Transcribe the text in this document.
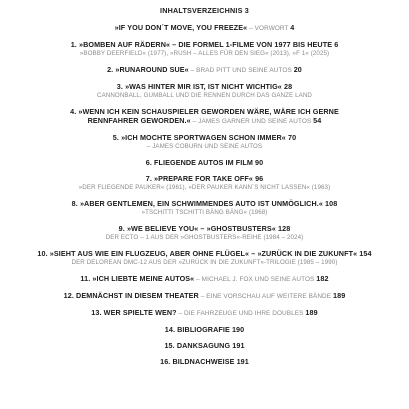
INHALTSVERZEICHNIS 3
»IF YOU DON´T MOVE, YOU FREEZE« – VORWORT 4
1. »BOMBEN AUF RÄDERN« – DIE FORMEL 1-FILME VON 1977 BIS HEUTE 6
»BOBBY DEERFIELD« (1977), »RUSH – ALLES FÜR DEN SIEG« (2013), »F 1« (2025)
2. »RUNAROUND SUE« – BRAD PITT UND SEINE AUTOS 20
3. »WAS HINTER MIR IST, IST NICHT WICHTIG« 28
CANNONBALL, GUMBALL UND DIE RENNEN DURCH DAS GANZE LAND
4. »WENN ICH KEIN SCHAUSPIELER GEWORDEN WÄRE, WÄRE ICH GERNE
RENNFAHRER GEWORDEN.« – JAMES GARNER UND SEINE AUTOS 54
5. »ICH MOCHTE SPORTWAGEN SCHON IMMER« 70
– JAMES COBURN UND SEINE AUTOS
6. FLIEGENDE AUTOS IM FILM 90
7. »PREPARE FOR TAKE OFF« 96
»DER FLIEGENDE PAUKER« (1961), »DER PAUKER KANN´S NICHT LASSEN« (1963)
8. »ABER GENTLEMEN, EIN SCHWIMMENDES AUTO IST UNMÖGLICH.« 108
»TSCHITTI TSCHITTI BÄNG BÄNG« (1968)
9. »WE BELIEVE YOU« – »GHOSTBUSTERS« 128
DER ECTO – 1 AUS DER »GHOSTBUSTERS«-REIHE (1984 – 2024)
10. »SIEHT AUS WIE EIN FLUGZEUG, ABER OHNE FLÜGEL« – »ZURÜCK IN DIE ZUKUNFT« 154
DER DELOREAN DMC-12 AUS DER »ZURÜCK IN DIE ZUKUNFT«-TRILOGIE (1985 – 1990)
11. »ICH LIEBTE MEINE AUTOS« – MICHAEL J. FOX UND SEINE AUTOS 182
12. DEMNÄCHST IN DIESEM THEATER – EINE VORSCHAU AUF WEITERE BÄNDE 189
13. WER SPIELTE WEN? – DIE FAHRZEUGE UND IHRE DOUBLES 189
14. BIBLIOGRAFIE 190
15. DANKSAGUNG 191
16. BILDNACHWEISE 191
